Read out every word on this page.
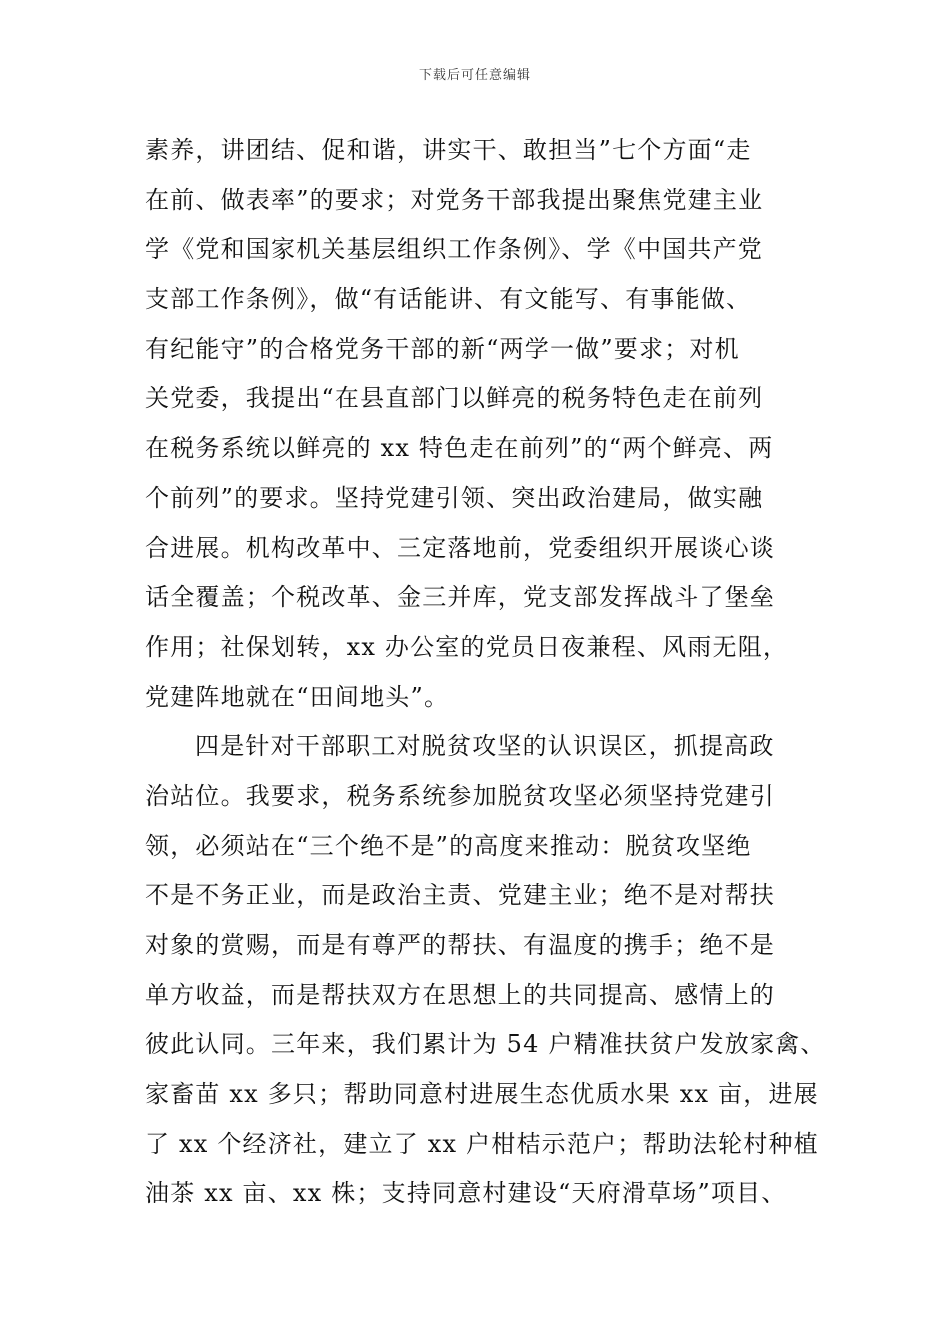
下载后可任意编辑
素养，讲团结、促和谐，讲实干、敢担当”七个方面“走
在前、做表率”的要求；对党务干部我提出聚焦党建主业
学《党和国家机关基层组织工作条例》、学《中国共产党
支部工作条例》，做“有话能讲、有文能写、有事能做、
有纪能守”的合格党务干部的新“两学一做”要求；对机
关党委，我提出“在县直部门以鲜亮的税务特色走在前列
在税务系统以鲜亮的 xx 特色走在前列”的“两个鲜亮、两
个前列”的要求。坚持党建引领、突出政治建局，做实融
合进展。机构改革中、三定落地前，党委组织开展谈心谈
话全覆盖；个税改革、金三并库，党支部发挥战斗了堡垒
作用；社保划转，xx 办公室的党员日夜兼程、风雨无阻，
党建阵地就在“田间地头”。
四是针对干部职工对脱贫攻坚的认识误区，抓提高政
治站位。我要求，税务系统参加脱贫攻坚必须坚持党建引
领，必须站在“三个绝不是”的高度来推动：脱贫攻坚绝
不是不务正业，而是政治主责、党建主业；绝不是对帮扶
对象的赏赐，而是有尊严的帮扶、有温度的携手；绝不是
单方收益，而是帮扶双方在思想上的共同提高、感情上的
彼此认同。三年来，我们累计为 54 户精准扶贫户发放家禽、
家畜苗 xx 多只；帮助同意村进展生态优质水果 xx 亩，进展
了 xx 个经济社，建立了 xx 户柑桔示范户；帮助法轮村种植
油茶 xx 亩、xx 株；支持同意村建设“天府滑草场”项目、
